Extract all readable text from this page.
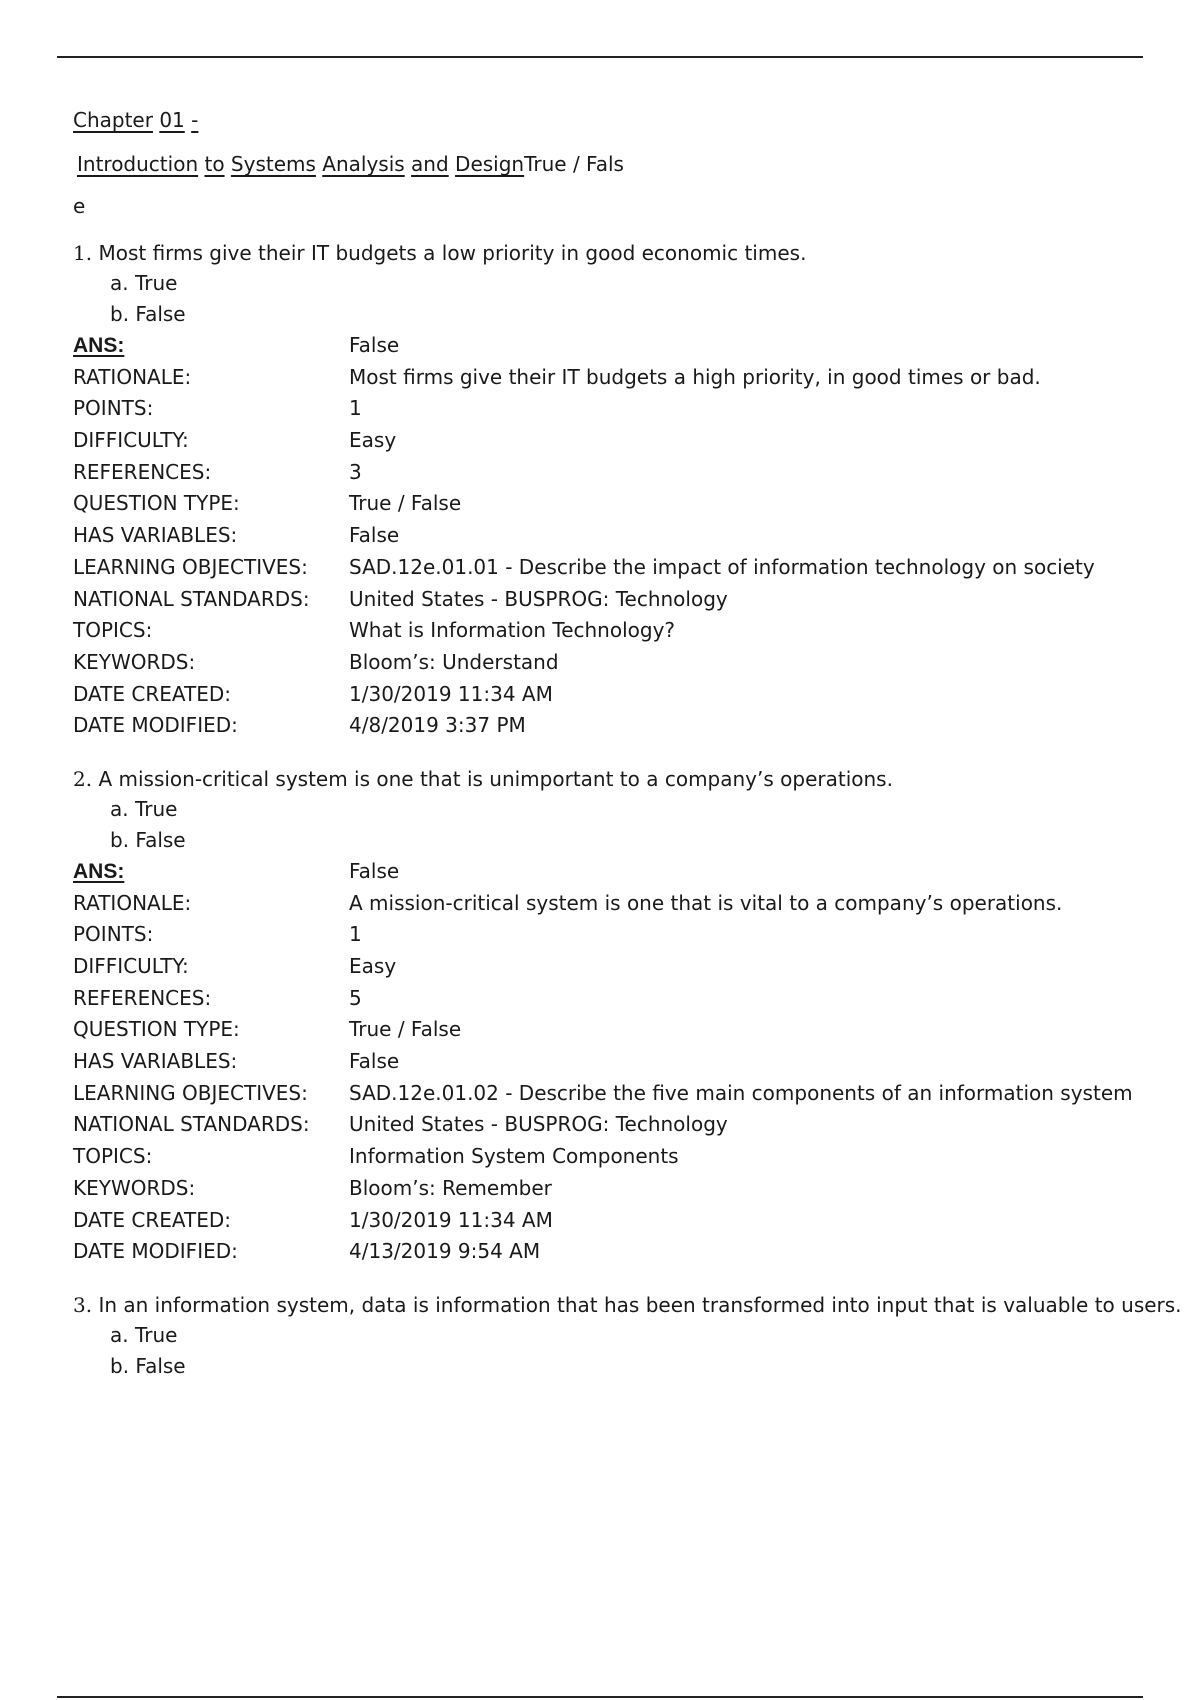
Chapter 01 -
Introduction to Systems Analysis and DesignTrue / Fals
e
1. Most firms give their IT budgets a low priority in good economic times.
a. True
b. False
ANS:	False
RATIONALE:	Most firms give their IT budgets a high priority, in good times or bad.
POINTS:	1
DIFFICULTY:	Easy
REFERENCES:	3
QUESTION TYPE:	True / False
HAS VARIABLES:	False
LEARNING OBJECTIVES:	SAD.12e.01.01 - Describe the impact of information technology on society
NATIONAL STANDARDS:	United States - BUSPROG: Technology
TOPICS:	What is Information Technology?
KEYWORDS:	Bloom’s: Understand
DATE CREATED:	1/30/2019 11:34 AM
DATE MODIFIED:	4/8/2019 3:37 PM
2. A mission-critical system is one that is unimportant to a company’s operations.
a. True
b. False
ANS:	False
RATIONALE:	A mission-critical system is one that is vital to a company’s operations.
POINTS:	1
DIFFICULTY:	Easy
REFERENCES:	5
QUESTION TYPE:	True / False
HAS VARIABLES:	False
LEARNING OBJECTIVES:	SAD.12e.01.02 - Describe the five main components of an information system
NATIONAL STANDARDS:	United States - BUSPROG: Technology
TOPICS:	Information System Components
KEYWORDS:	Bloom’s: Remember
DATE CREATED:	1/30/2019 11:34 AM
DATE MODIFIED:	4/13/2019 9:54 AM
3. In an information system, data is information that has been transformed into input that is valuable to users.
a. True
b. False
